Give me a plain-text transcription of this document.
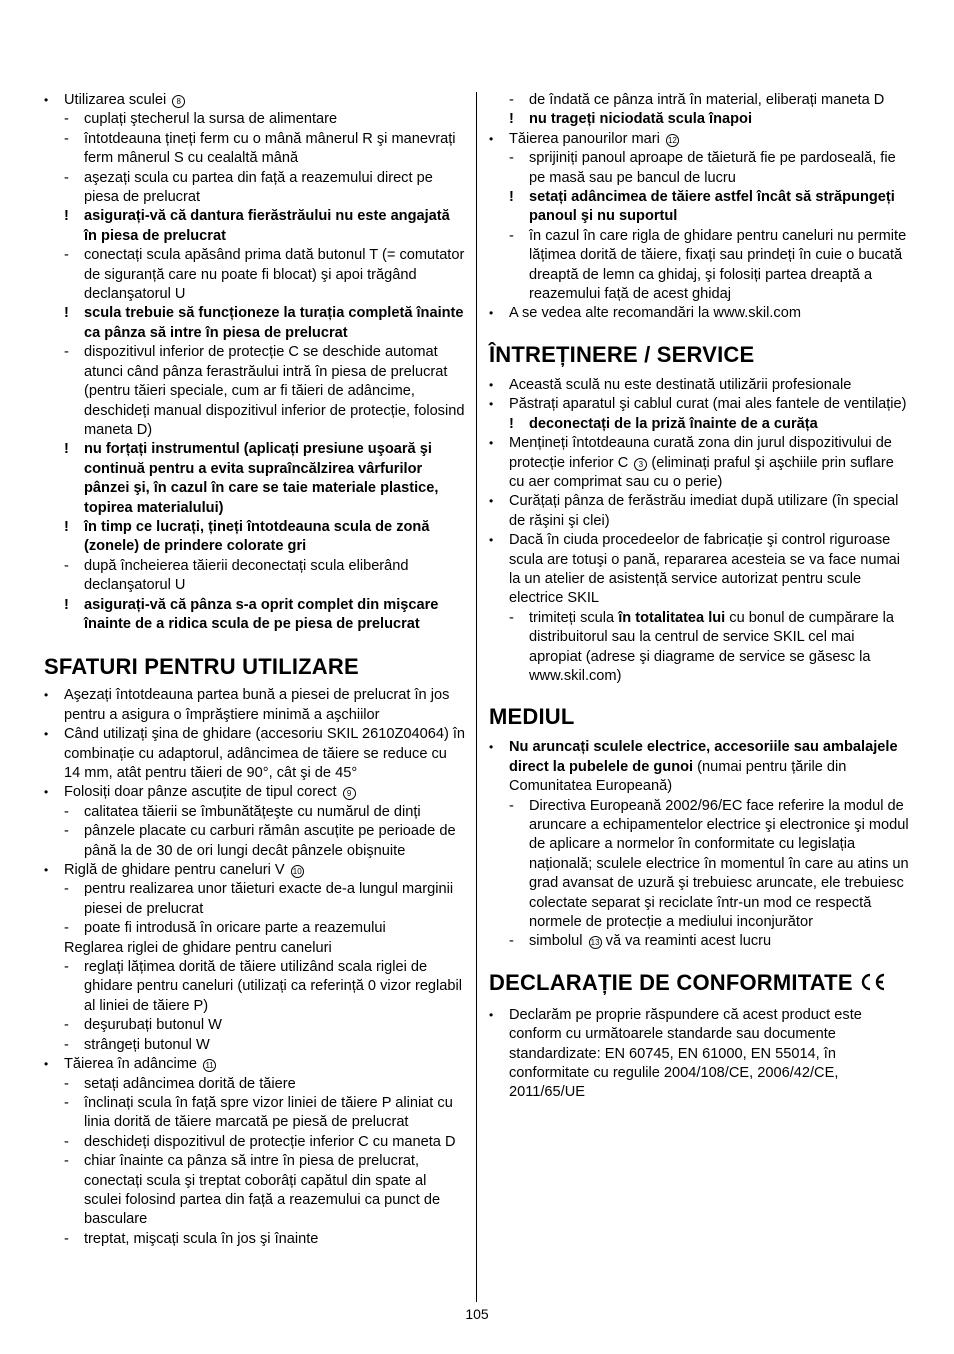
•	Utilizarea sculei 8
-	cuplați ştecherul la sursa de alimentare
-	întotdeauna țineți ferm cu o mână mânerul R şi manevrați ferm mânerul S cu cealaltă mână
-	aşezați scula cu partea din față a reazemului direct pe piesa de prelucrat
!	asigurați-vă că dantura fierăstrăului nu este angajată în piesa de prelucrat
-	conectați scula apăsând prima dată butonul T (= comutator de siguranță care nu poate fi blocat) şi apoi trăgând declanşatorul U
!	scula trebuie să funcționeze la turația completă înainte ca pânza să intre în piesa de prelucrat
-	dispozitivul inferior de protecție C se deschide automat atunci când pânza ferastrăului intră în piesa de prelucrat (pentru tăieri speciale, cum ar fi tăieri de adâncime, deschideți manual dispozitivul inferior de protecție, folosind maneta D)
!	nu forțați instrumentul (aplicați presiune uşoară şi continuă pentru a evita supraîncălzirea vârfurilor pânzei şi, în cazul în care se taie materiale plastice, topirea materialului)
!	în timp ce lucrați, țineți întotdeauna scula de zonă (zonele) de prindere colorate gri
-	după încheierea tăierii deconectați scula eliberând declanşatorul U
!	asigurați-vă că pânza s-a oprit complet din mişcare înainte de a ridica scula de pe piesa de prelucrat
SFATURI PENTRU UTILIZARE
•	Aşezați întotdeauna partea bună a piesei de prelucrat în jos pentru a asigura o împrăştiere minimă a aşchiilor
•	Când utilizați şina de ghidare (accesoriu SKIL 2610Z04064) în combinație cu adaptorul, adâncimea de tăiere se reduce cu 14 mm, atât pentru tăieri de 90°, cât şi de 45°
•	Folosiți doar pânze ascuțite de tipul corect 9
-	calitatea tăierii se îmbunătățeşte cu numărul de dinți
-	pânzele placate cu carburi rămân ascuțite pe perioade de până la de 30 de ori lungi decât pânzele obişnuite
•	Riglă de ghidare pentru caneluri V 10
-	pentru realizarea unor tăieturi exacte de-a lungul marginii piesei de prelucrat
-	poate fi introdusă în oricare parte a reazemului
Reglarea riglei de ghidare pentru caneluri
-	reglați lățimea dorită de tăiere utilizând scala riglei de ghidare pentru caneluri (utilizați ca referință 0 vizor reglabil al liniei de tăiere P)
-	deşurubați butonul W
-	strângeți butonul W
•	Tăierea în adâncime 11
-	setați adâncimea dorită de tăiere
-	înclinați scula în față spre vizor liniei de tăiere P aliniat cu linia dorită de tăiere marcată pe piesă de prelucrat
-	deschideți dispozitivul de protecție inferior C cu maneta D
-	chiar înainte ca pânza să intre în piesa de prelucrat, conectați scula şi treptat coborâți capătul din spate al sculei folosind partea din față a reazemului ca punct de basculare
-	treptat, mişcați scula în jos şi înainte
-	de îndată ce pânza intră în material, eliberați maneta D
!	nu trageți niciodată scula înapoi
•	Tăierea panourilor mari 12
-	sprijiniți panoul aproape de tăietură fie pe pardoseală, fie pe masă sau pe bancul de lucru
!	setați adâncimea de tăiere astfel încât să străpungeți panoul şi nu suportul
-	în cazul în care rigla de ghidare pentru caneluri nu permite lățimea dorită de tăiere, fixați sau prindeți în cuie o bucată dreaptă de lemn ca ghidaj, şi folosiți partea dreaptă a reazemului față de acest ghidaj
•	A se vedea alte recomandări la www.skil.com
ÎNTREȚINERE / SERVICE
•	Această sculă nu este destinată utilizării profesionale
•	Păstrați aparatul şi cablul curat (mai ales fantele de ventilație)
!	deconectați de la priză înainte de a curăța
•	Mențineți întotdeauna curată zona din jurul dispozitivului de protecție inferior C 3 (eliminați praful şi aşchiile prin suflare cu aer comprimat sau cu o perie)
•	Curățați pânza de ferăstrău imediat după utilizare (în special de răşini şi clei)
•	Dacă în ciuda procedeelor de fabricație şi control riguroase scula are totuşi o pană, repararea acesteia se va face numai la un atelier de asistență service autorizat pentru scule electrice SKIL
-	trimiteți scula în totalitatea lui cu bonul de cumpărare la distribuitorul sau la centrul de service SKIL cel mai apropiat (adrese şi diagrame de service se găsesc la www.skil.com)
MEDIUL
•	Nu aruncați sculele electrice, accesoriile sau ambalajele direct la pubelele de gunoi (numai pentru țările din Comunitatea Europeană)
-	Directiva Europeană 2002/96/EC face referire la modul de aruncare a echipamentelor electrice şi electronice şi modul de aplicare a normelor în conformitate cu legislația națională; sculele electrice în momentul în care au atins un grad avansat de uzură şi trebuiesc aruncate, ele trebuiesc colectate separat şi reciclate într-un mod ce respectă normele de protecție a mediului inconjurător
-	simbolul 13 vă va reaminti acest lucru
DECLARAȚIE DE CONFORMITATE
•	Declarăm pe proprie răspundere că acest product este conform cu următoarele standarde sau documente standardizate: EN 60745, EN 61000, EN 55014, în conformitate cu regulile 2004/108/CE, 2006/42/CE, 2011/65/UE
105
